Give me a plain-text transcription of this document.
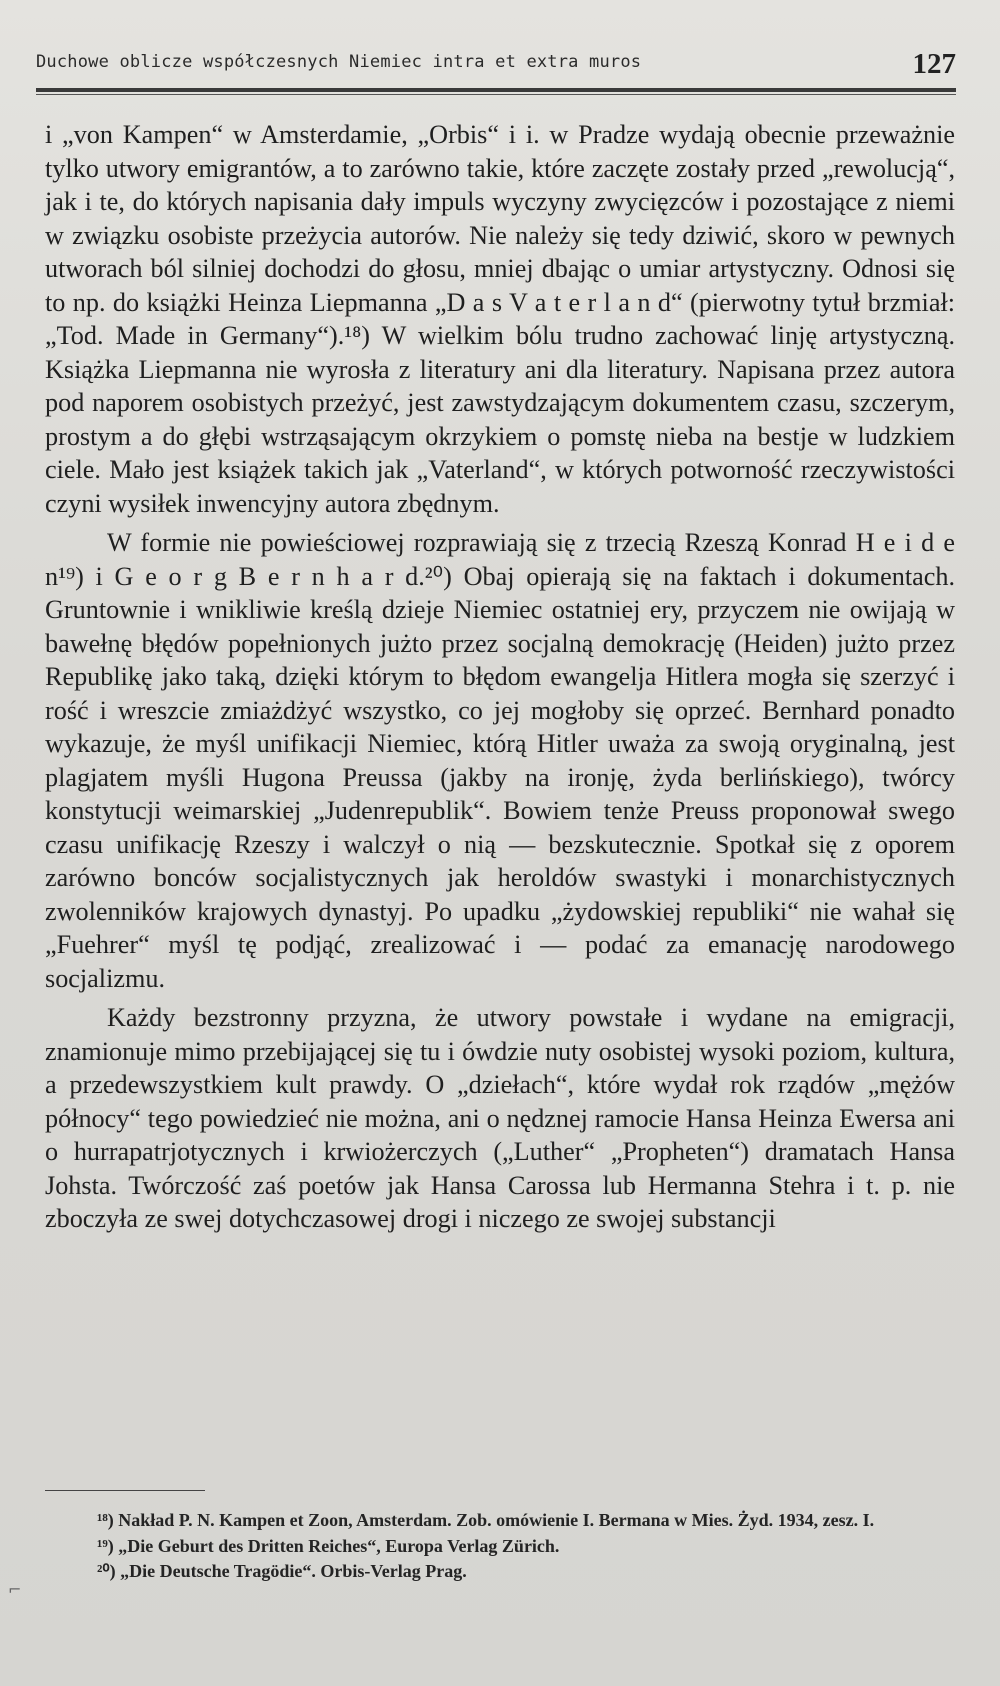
Duchowe oblicze współczesnych Niemiec intra et extra muros	127

i „von Kampen“ w Amsterdamie, „Orbis“ i i. w Pradze wydają obecnie przeważnie tylko utwory emigrantów, a to zarówno takie, które zaczęte zostały przed „rewolucją“, jak i te, do których napisania dały impuls wyczyny zwycięzców i pozostające z niemi w związku osobiste przeżycia autorów. Nie należy się tedy dziwić, skoro w pewnych utworach ból silniej dochodzi do głosu, mniej dbając o umiar artystyczny. Odnosi się to np. do książki Heinza Liepmanna „D a s V a t e r l a n d“ (pierwotny tytuł brzmiał: „Tod. Made in Germany“).¹⁸) W wielkim bólu trudno zachować linję artystyczną. Książka Liepmanna nie wyrosła z literatury ani dla literatury. Napisana przez autora pod naporem osobistych przeżyć, jest zawstydzającym dokumentem czasu, szczerym, prostym a do głębi wstrząsającym okrzykiem o pomstę nieba na bestje w ludzkiem ciele. Mało jest książek takich jak „Vaterland“, w których potworność rzeczywistości czyni wysiłek inwencyjny autora zbędnym.

W formie nie powieściowej rozprawiają się z trzecią Rzeszą Konrad H e i d e n¹⁹) i G e o r g B e r n h a r d.²⁰) Obaj opierają się na faktach i dokumentach. Gruntownie i wnikliwie kreślą dzieje Niemiec ostatniej ery, przyczem nie owijają w bawełnę błędów popełnionych jużto przez socjalną demokrację (Heiden) jużto przez Republikę jako taką, dzięki którym to błędom ewangelja Hitlera mogła się szerzyć i rość i wreszcie zmiażdżyć wszystko, co jej mogłoby się oprzeć. Bernhard ponadto wykazuje, że myśl unifikacji Niemiec, którą Hitler uważa za swoją oryginalną, jest plagjatem myśli Hugona Preussa (jakby na ironję, żyda berlińskiego), twórcy konstytucji weimarskiej „Judenrepublik“. Bowiem tenże Preuss proponował swego czasu unifikację Rzeszy i walczył o nią — bezskutecznie. Spotkał się z oporem zarówno bonców socjalistycznych jak heroldów swastyki i monarchistycznych zwolenników krajowych dynastyj. Po upadku „żydowskiej republiki“ nie wahał się „Fuehrer“ myśl tę podjąć, zrealizować i — podać za emanację narodowego socjalizmu.

Każdy bezstronny przyzna, że utwory powstałe i wydane na emigracji, znamionuje mimo przebijającej się tu i ówdzie nuty osobistej wysoki poziom, kultura, a przedewszystkiem kult prawdy. O „dziełach“, które wydał rok rządów „mężów północy“ tego powiedzieć nie można, ani o nędznej ramocie Hansa Heinza Ewersa ani o hurrapatrjotycznych i krwiożerczych („Luther“ „Propheten“) dramatach Hansa Johsta. Twórczość zaś poetów jak Hansa Carossa lub Hermanna Stehra i t. p. nie zboczyła ze swej dotychczasowej drogi i niczego ze swojej substancji

¹⁸) Nakład P. N. Kampen et Zoon, Amsterdam. Zob. omówienie I. Bermana w Mies. Żyd. 1934, zesz. I.

¹⁹) „Die Geburt des Dritten Reiches“, Europa Verlag Zürich.

²⁰) „Die Deutsche Tragödie“. Orbis-Verlag Prag.

⌐
